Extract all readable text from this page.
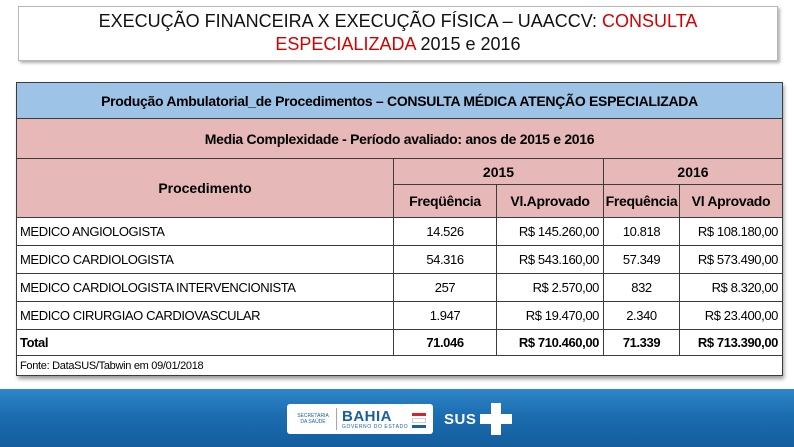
EXECUÇÃO FINANCEIRA X EXECUÇÃO FÍSICA – UAACCV: CONSULTA
ESPECIALIZADA 2015 e 2016
Produção Ambulatorial_de Procedimentos – CONSULTA MÉDICA ATENÇÃO ESPECIALIZADA				
Media Complexidade - Período avaliado: anos de 2015 e 2016				
Procedimento	2015		2016	
	Freqüência	Vl.Aprovado	Frequência	Vl Aprovado
MEDICO ANGIOLOGISTA	14.526	R$ 145.260,00	10.818	R$ 108.180,00
MEDICO CARDIOLOGISTA	54.316	R$ 543.160,00	57.349	R$ 573.490,00
MEDICO CARDIOLOGISTA INTERVENCIONISTA	257	R$ 2.570,00	832	R$ 8.320,00
MEDICO CIRURGIAO CARDIOVASCULAR	1.947	R$ 19.470,00	2.340	R$ 23.400,00
Total	71.046	R$ 710.460,00	71.339	R$ 713.390,00
Fonte: DataSUS/Tabwin em 09/01/2018				
SECRETARIA DA SAÚDE	BAHIA
GOVERNO DO ESTADO SUS
